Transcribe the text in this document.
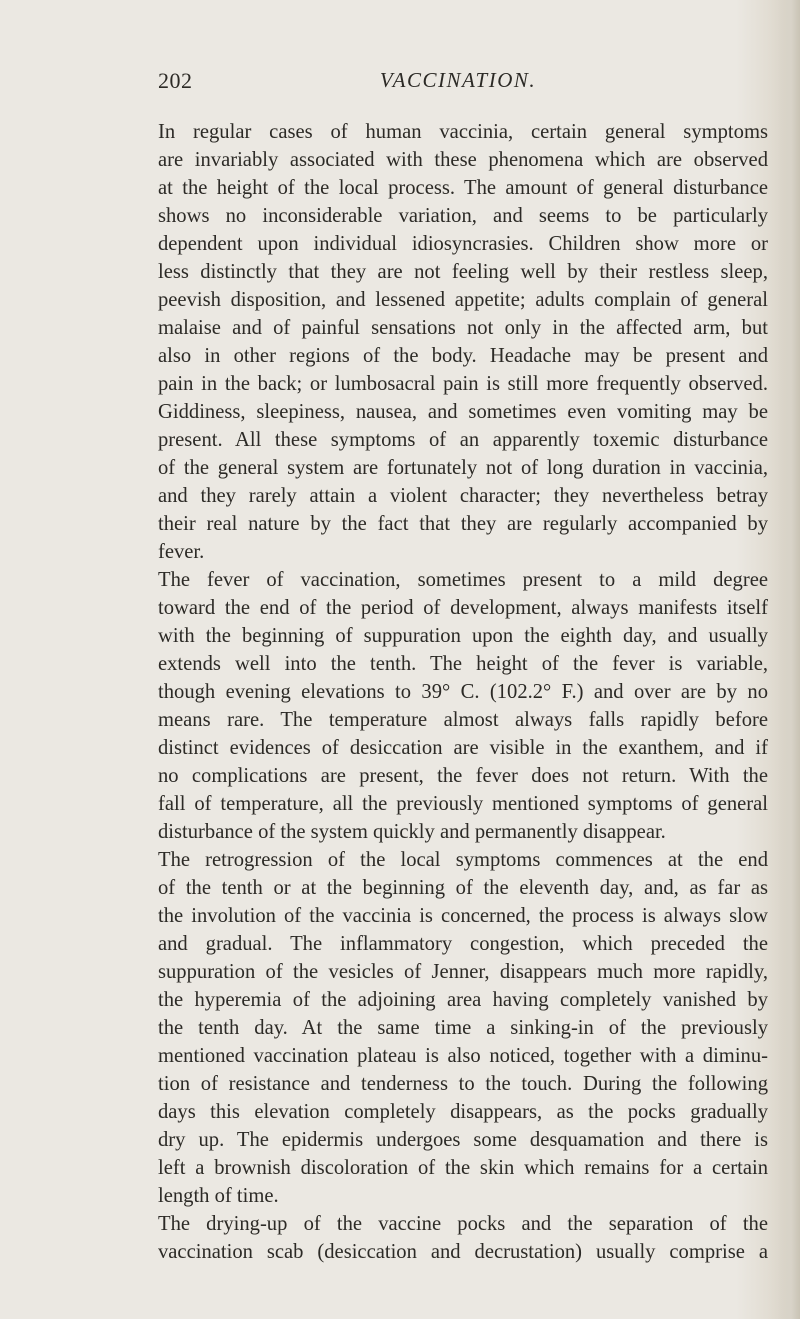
202	VACCINATION.
In regular cases of human vaccinia, certain general symptoms
are invariably associated with these phenomena which are observed
at the height of the local process. The amount of general disturbance
shows no inconsiderable variation, and seems to be particularly
dependent upon individual idiosyncrasies. Children show more or
less distinctly that they are not feeling well by their restless sleep,
peevish disposition, and lessened appetite; adults complain of general
malaise and of painful sensations not only in the affected arm, but
also in other regions of the body. Headache may be present and
pain in the back; or lumbosacral pain is still more frequently observed.
Giddiness, sleepiness, nausea, and sometimes even vomiting may be
present. All these symptoms of an apparently toxemic disturbance
of the general system are fortunately not of long duration in vaccinia,
and they rarely attain a violent character; they nevertheless betray
their real nature by the fact that they are regularly accompanied by
fever.
The fever of vaccination, sometimes present to a mild degree
toward the end of the period of development, always manifests itself
with the beginning of suppuration upon the eighth day, and usually
extends well into the tenth. The height of the fever is variable,
though evening elevations to 39° C. (102.2° F.) and over are by no
means rare. The temperature almost always falls rapidly before
distinct evidences of desiccation are visible in the exanthem, and if
no complications are present, the fever does not return. With the
fall of temperature, all the previously mentioned symptoms of general
disturbance of the system quickly and permanently disappear.
The retrogression of the local symptoms commences at the end
of the tenth or at the beginning of the eleventh day, and, as far as
the involution of the vaccinia is concerned, the process is always slow
and gradual. The inflammatory congestion, which preceded the
suppuration of the vesicles of Jenner, disappears much more rapidly,
the hyperemia of the adjoining area having completely vanished by
the tenth day. At the same time a sinking-in of the previously
mentioned vaccination plateau is also noticed, together with a diminu-
tion of resistance and tenderness to the touch. During the following
days this elevation completely disappears, as the pocks gradually
dry up. The epidermis undergoes some desquamation and there is
left a brownish discoloration of the skin which remains for a certain
length of time.
The drying-up of the vaccine pocks and the separation of the
vaccination scab (desiccation and decrustation) usually comprise a
